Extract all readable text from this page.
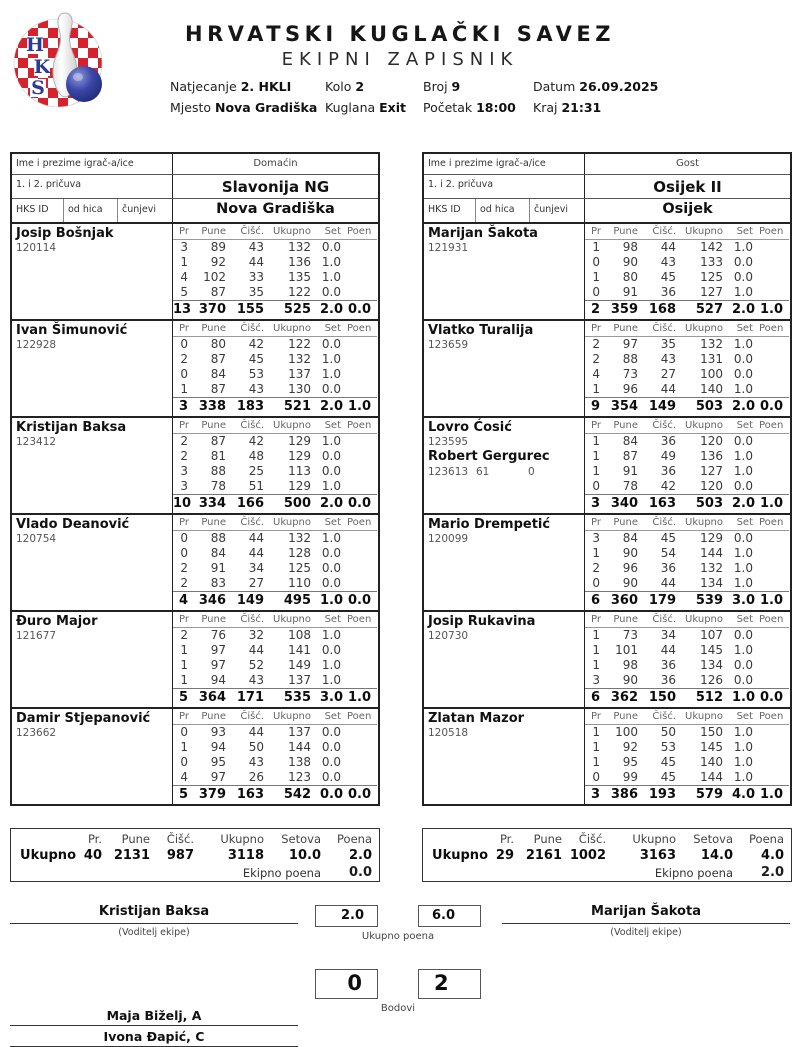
H
K
S
HRVATSKI KUGLAČKI SAVEZ
EKIPNI ZAPISNIK
Natjecanje 2. HKLI	Kolo 2	Broj 9	Datum 26.09.2025
Mjesto Nova Gradiška Kuglana Exit	Početak 18:00	Kraj 21:31
Ime i prezime igrač-a/ice	Domaćin
1. i 2. pričuva	Slavonija NG
HKS ID	od hica	čunjevi	Nova Gradiška
Josip Bošnjak
120114
Pr	Pune	Čišć. Ukupno	Set Poen
3	89	43	132 0.0
1	92	44	136 1.0
4	102	33	135 1.0
5	87	35	122 0.0
13 370 155	525 2.0 0.0
Ivan Šimunović
122928
Pr	Pune	Čišć. Ukupno	Set Poen
0	80	42	122 0.0
2	87	45	132 1.0
0	84	53	137 1.0
1	87	43	130 0.0
3 338 183	521 2.0 1.0
Kristijan Baksa
123412
Pr	Pune	Čišć. Ukupno	Set Poen
2	87	42	129 1.0
2	81	48	129 0.0
3	88	25	113 0.0
3	78	51	129 1.0
10 334 166	500 2.0 0.0
Vlado Deanović
120754
Pr	Pune	Čišć. Ukupno	Set Poen
0	88	44	132 1.0
0	84	44	128 0.0
2	91	34	125 0.0
2	83	27	110 0.0
4 346 149	495 1.0 0.0
Đuro Major
121677
Pr	Pune	Čišć. Ukupno	Set Poen
2	76	32	108 1.0
1	97	44	141 0.0
1	97	52	149 1.0
1	94	43	137 1.0
5 364 171	535 3.0 1.0
Damir Stjepanović
123662
Pr	Pune	Čišć. Ukupno	Set Poen
0	93	44	137 0.0
1	94	50	144 0.0
0	95	43	138 0.0
4	97	26	123 0.0
5 379 163	542 0.0 0.0
Ime i prezime igrač-a/ice	Gost
1. i 2. pričuva	Osijek II
HKS ID	od hica	čunjevi	Osijek
Marijan Šakota
121931
Pr	Pune	Čišć. Ukupno	Set Poen
1	98	44	142 1.0
0	90	43	133 0.0
1	80	45	125 0.0
0	91	36	127 1.0
2 359 168	527 2.0 1.0
Vlatko Turalija
123659
Pr	Pune	Čišć. Ukupno	Set Poen
2	97	35	132 1.0
2	88	43	131 0.0
4	73	27	100 0.0
1	96	44	140 1.0
9 354 149	503 2.0 0.0
Lovro Ćosić
123595
Robert Gergurec
123613 61	0
Pr	Pune	Čišć. Ukupno	Set Poen
1	84	36	120 0.0
1	87	49	136 1.0
1	91	36	127 1.0
0	78	42	120 0.0
3 340 163	503 2.0 1.0
Mario Drempetić
120099
Pr	Pune	Čišć. Ukupno	Set Poen
3	84	45	129 0.0
1	90	54	144 1.0
2	96	36	132 1.0
0	90	44	134 1.0
6 360 179	539 3.0 1.0
Josip Rukavina
120730
Pr	Pune	Čišć. Ukupno	Set Poen
1	73	34	107 0.0
1	101	44	145 1.0
1	98	36	134 0.0
3	90	36	126 0.0
6 362 150	512 1.0 0.0
Zlatan Mazor
120518
Pr	Pune	Čišć. Ukupno	Set Poen
1	100	50	150 1.0
1	92	53	145 1.0
1	95	45	140 1.0
0	99	45	144 1.0
3 386 193	579 4.0 1.0
Pr.	Pune	Čišć.	Ukupno	Setova	Poena
Ukupno 40 2131	987	3118	10.0	2.0
Ekipno poena	0.0
Pr.	Pune	Čišć.	Ukupno	Setova	Poena
Ukupno 29 2161 1002	3163	14.0	4.0
Ekipno poena	2.0
Kristijan Baksa
(Voditelj ekipe)
Marijan Šakota
(Voditelj ekipe)
2.0	6.0
Ukupno poena
0	2
Bodovi
Maja Biželj, A
Ivona Đapić, C
